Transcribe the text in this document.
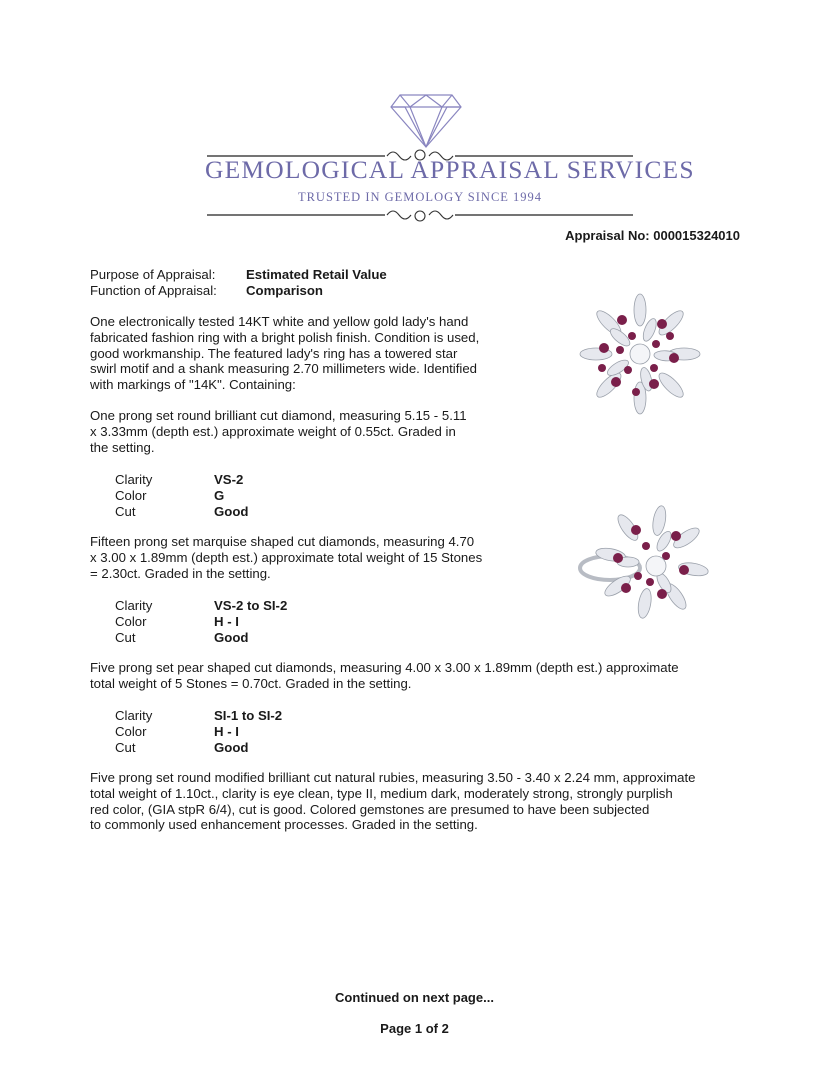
GEMOLOGICAL APPRAISAL SERVICES
TRUSTED IN GEMOLOGY SINCE 1994
Appraisal No: 000015324010
Purpose of Appraisal:	Estimated Retail Value
Function of Appraisal:	Comparison
One electronically tested 14KT white and yellow gold lady's hand
fabricated fashion ring with a bright polish finish. Condition is used,
good workmanship. The featured lady's ring has a towered star
swirl motif and a shank measuring 2.70 millimeters wide. Identified
with markings of "14K". Containing:
One prong set round brilliant cut diamond, measuring 5.15 - 5.11
x 3.33mm (depth est.) approximate weight of 0.55ct. Graded in
the setting.
Clarity	VS-2
Color	G
Cut	Good
Fifteen prong set marquise shaped cut diamonds, measuring 4.70
x 3.00 x 1.89mm (depth est.) approximate total weight of 15 Stones
= 2.30ct. Graded in the setting.
Clarity	VS-2 to SI-2
Color	H - I
Cut	Good
Five prong set pear shaped cut diamonds, measuring 4.00 x 3.00 x 1.89mm (depth est.) approximate
total weight of 5 Stones = 0.70ct. Graded in the setting.
Clarity	SI-1 to SI-2
Color	H - I
Cut	Good
Five prong set round modified brilliant cut natural rubies, measuring 3.50 - 3.40 x 2.24 mm, approximate
total weight of 1.10ct., clarity is eye clean, type II, medium dark, moderately strong, strongly purplish
red color, (GIA stpR 6/4), cut is good. Colored gemstones are presumed to have been subjected
to commonly used enhancement processes. Graded in the setting.
Continued on next page...
Page 1 of 2
